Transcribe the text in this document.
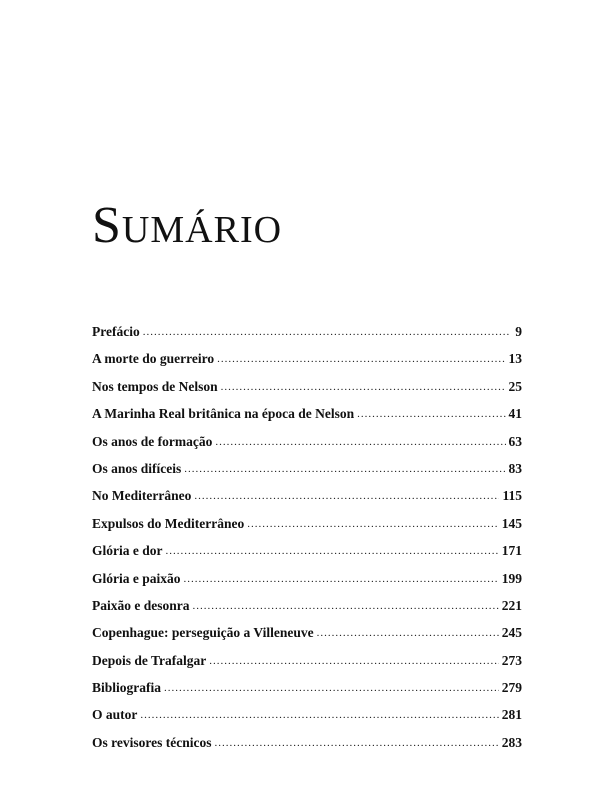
SUMÁRIO
Prefácio .....	9
A morte do guerreiro .....	13
Nos tempos de Nelson .....	25
A Marinha Real britânica na época de Nelson .....	41
Os anos de formação .....	63
Os anos difíceis .....	83
No Mediterrâneo .....	115
Expulsos do Mediterrâneo .....	145
Glória e dor .....	171
Glória e paixão .....	199
Paixão e desonra .....	221
Copenhague: perseguição a Villeneuve .....	245
Depois de Trafalgar .....	273
Bibliografia .....	279
O autor .....	281
Os revisores técnicos .....	283
